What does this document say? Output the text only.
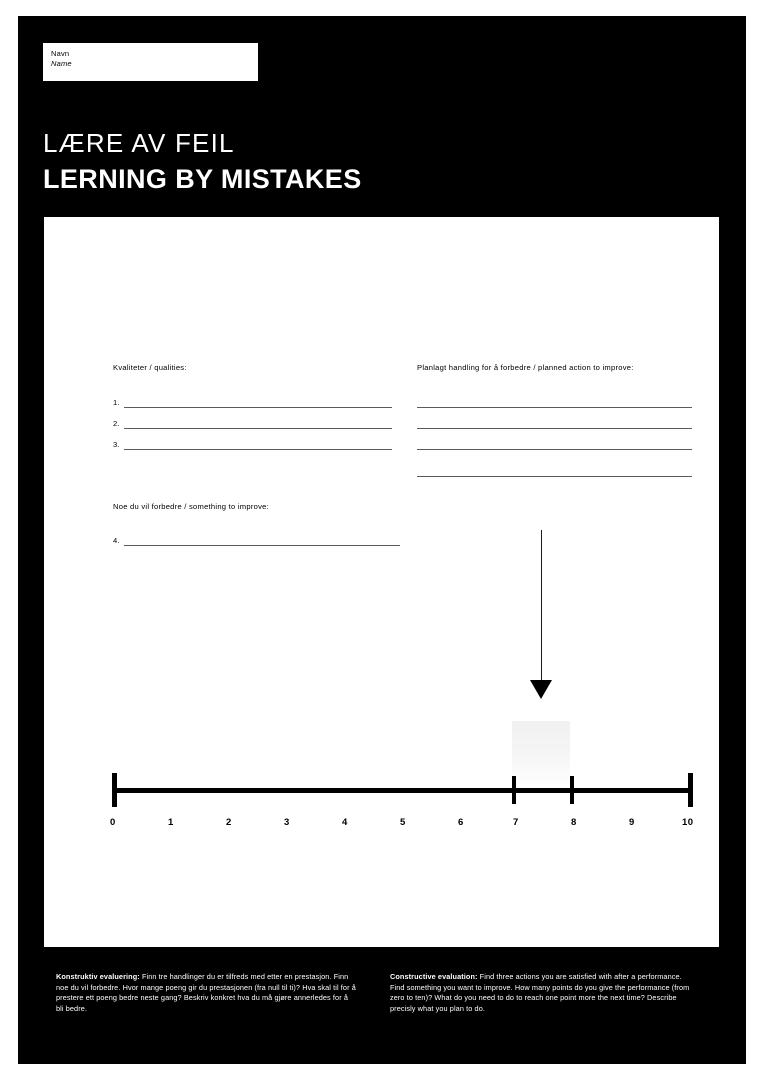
Navn
Name
LÆRE AV FEIL
LERNING BY MISTAKES
Kvaliteter / qualities:
1.
2.
3.
Noe du vil forbedre / something to improve:
4.
Planlagt handling for å forbedre / planned action to improve:
0	1	2	3	4	5	6	7	8	9	10
Konstruktiv evaluering: Finn tre handlinger du er tilfreds med etter en prestasjon. Finn noe du vil forbedre. Hvor mange poeng gir du prestasjonen (fra null til ti)? Hva skal til for å prestere ett poeng bedre neste gang? Beskriv konkret hva du må gjøre annerledes for å bli bedre.
Constructive evaluation: Find three actions you are satisfied with after a performance. Find something you want to improve. How many points do you give the performance (from zero to ten)? What do you need to do to reach one point more the next time? Describe precisly what you plan to do.
